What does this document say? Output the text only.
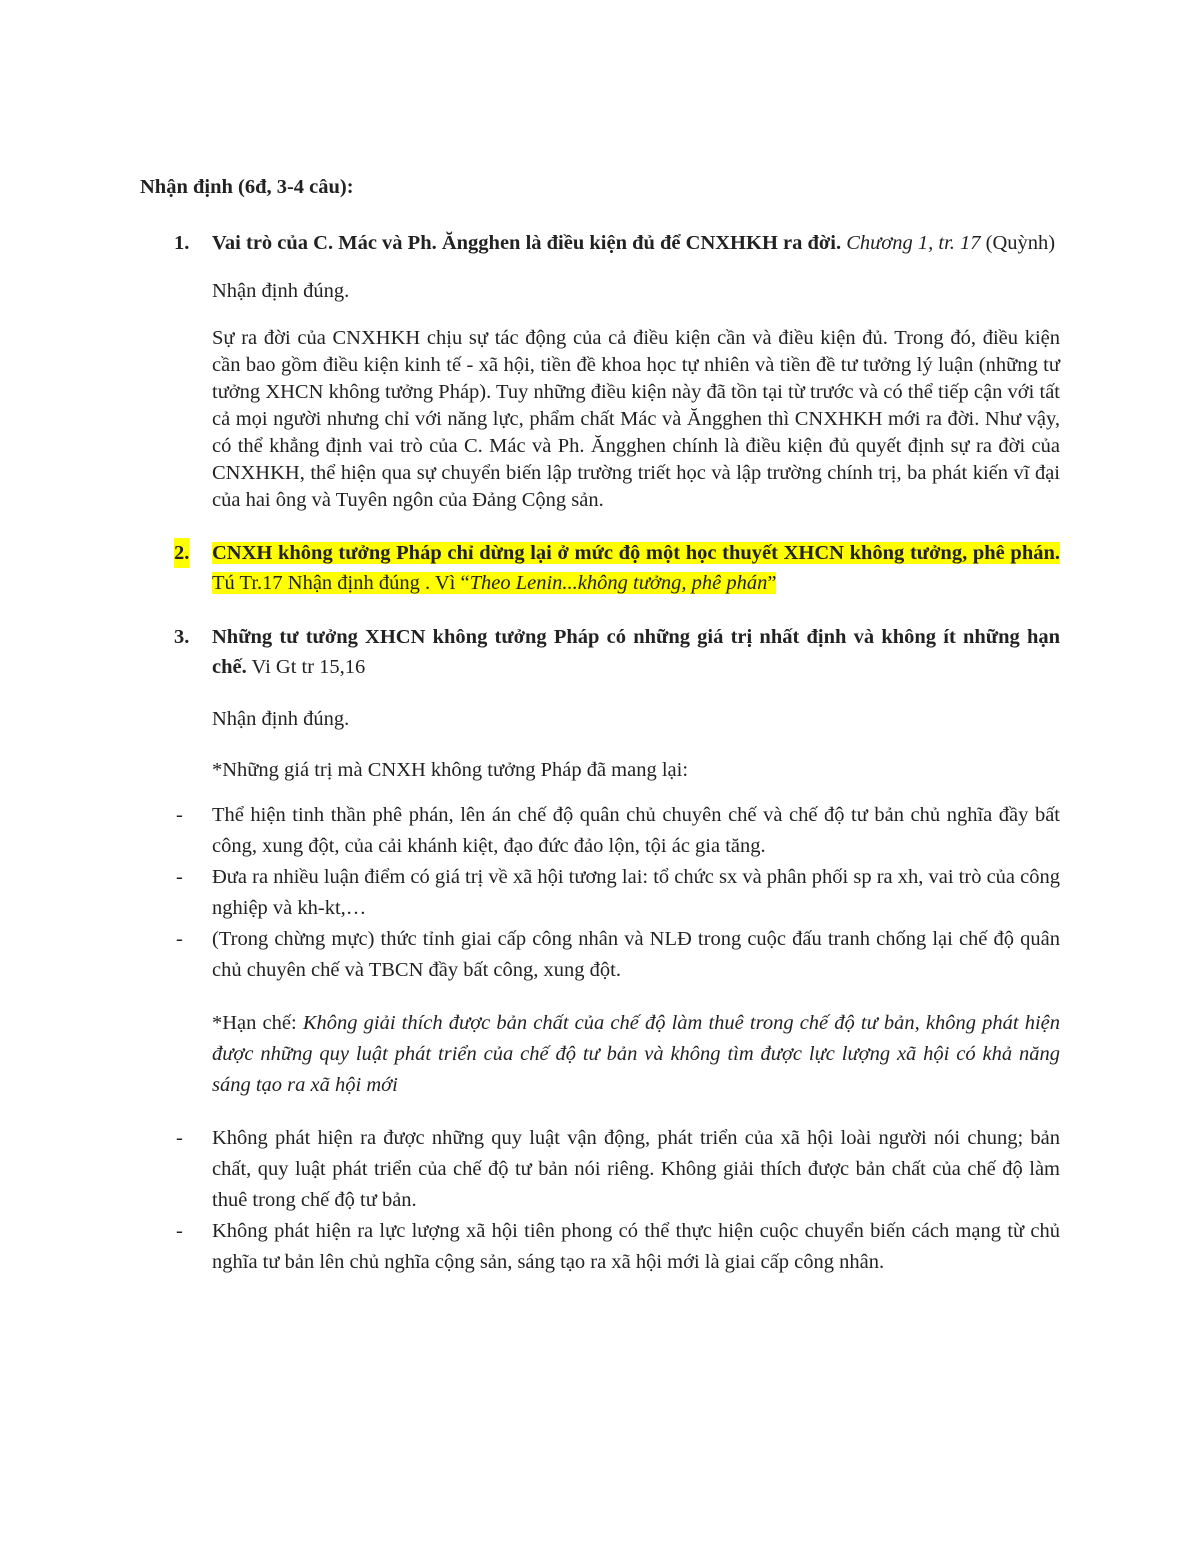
Nhận định (6đ, 3-4 câu):
1. Vai trò của C. Mác và Ph. Ăngghen là điều kiện đủ để CNXHKH ra đời. Chương 1, tr. 17 (Quỳnh)

Nhận định đúng.

Sự ra đời của CNXHKH chịu sự tác động của cả điều kiện cần và điều kiện đủ. Trong đó, điều kiện cần bao gồm điều kiện kinh tế - xã hội, tiền đề khoa học tự nhiên và tiền đề tư tưởng lý luận (những tư tưởng XHCN không tưởng Pháp). Tuy những điều kiện này đã tồn tại từ trước và có thể tiếp cận với tất cả mọi người nhưng chỉ với năng lực, phẩm chất Mác và Ăngghen thì CNXHKH mới ra đời. Như vậy, có thể khẳng định vai trò của C. Mác và Ph. Ăngghen chính là điều kiện đủ quyết định sự ra đời của CNXHKH, thể hiện qua sự chuyển biến lập trường triết học và lập trường chính trị, ba phát kiến vĩ đại của hai ông và Tuyên ngôn của Đảng Cộng sản.

2. CNXH không tưởng Pháp chỉ dừng lại ở mức độ một học thuyết XHCN không tưởng, phê phán. Tú Tr.17 Nhận định đúng . Vì “Theo Lenin...không tưởng, phê phán”

3. Những tư tưởng XHCN không tưởng Pháp có những giá trị nhất định và không ít những hạn chế. Vi Gt tr 15,16

Nhận định đúng.

*Những giá trị mà CNXH không tưởng Pháp đã mang lại:

- Thể hiện tinh thần phê phán, lên án chế độ quân chủ chuyên chế và chế độ tư bản chủ nghĩa đầy bất công, xung đột, của cải khánh kiệt, đạo đức đảo lộn, tội ác gia tăng.
- Đưa ra nhiều luận điểm có giá trị về xã hội tương lai: tổ chức sx và phân phối sp ra xh, vai trò của công nghiệp và kh-kt,…
- (Trong chừng mực) thức tỉnh giai cấp công nhân và NLĐ trong cuộc đấu tranh chống lại chế độ quân chủ chuyên chế và TBCN đầy bất công, xung đột.

*Hạn chế: Không giải thích được bản chất của chế độ làm thuê trong chế độ tư bản, không phát hiện được những quy luật phát triển của chế độ tư bản và không tìm được lực lượng xã hội có khả năng sáng tạo ra xã hội mới

- Không phát hiện ra được những quy luật vận động, phát triển của xã hội loài người nói chung; bản chất, quy luật phát triển của chế độ tư bản nói riêng. Không giải thích được bản chất của chế độ làm thuê trong chế độ tư bản.
- Không phát hiện ra lực lượng xã hội tiên phong có thể thực hiện cuộc chuyển biến cách mạng từ chủ nghĩa tư bản lên chủ nghĩa cộng sản, sáng tạo ra xã hội mới là giai cấp công nhân.
